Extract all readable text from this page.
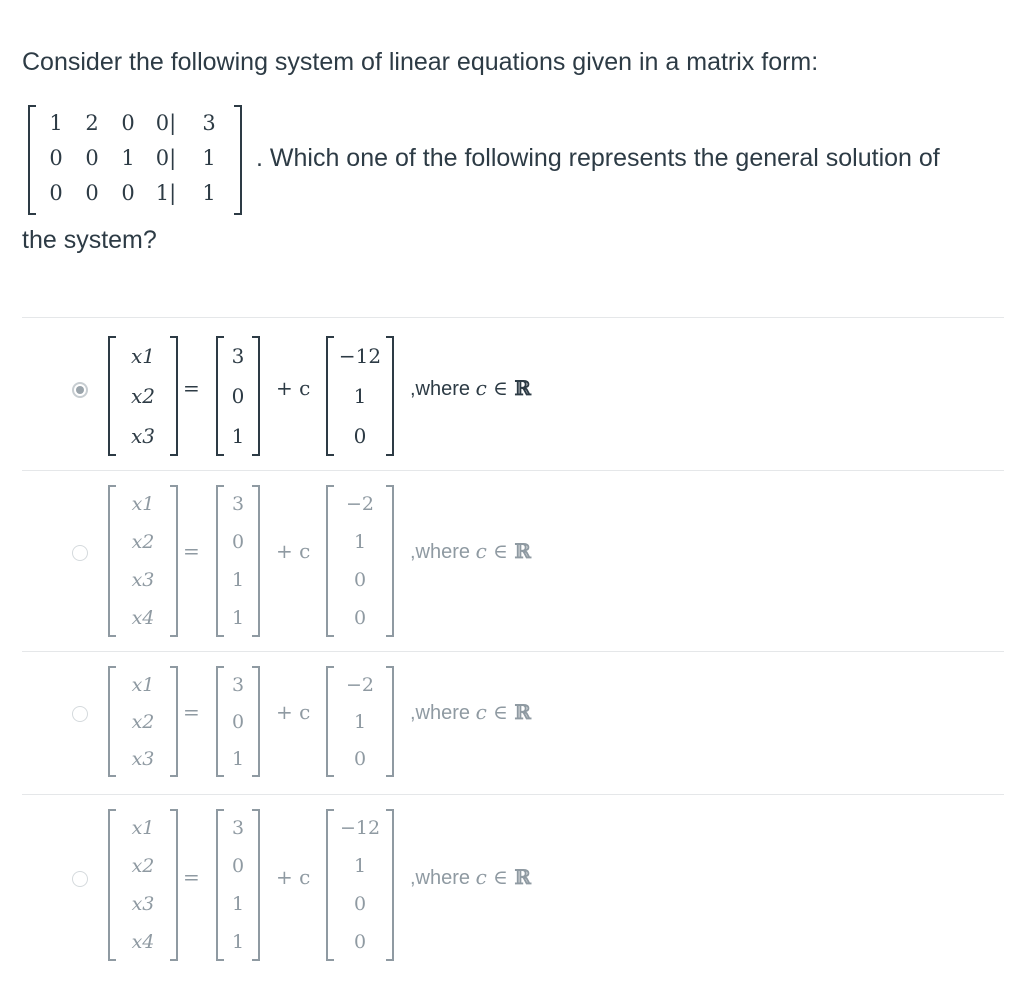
Consider the following system of linear equations given in a matrix form:
1	2	0	0|	3
0	0	1	0|	1
0	0	0	1|	1
. Which one of the following represents the general solution of
the system?
x1
x2
x3
=
3
0
1
+ c
− 12
1
0
,where c ∈ ℝ
x1
x2
x3
x4
=
3
0
1
1
+ c
−2
1
0
0
,where c ∈ ℝ
x1
x2
x3
=
3
0
1
+ c
−2
1
0
,where c ∈ ℝ
x1
x2
x3
x4
=
3
0
1
1
+ c
− 12
1
0
0
,where c ∈ ℝ
